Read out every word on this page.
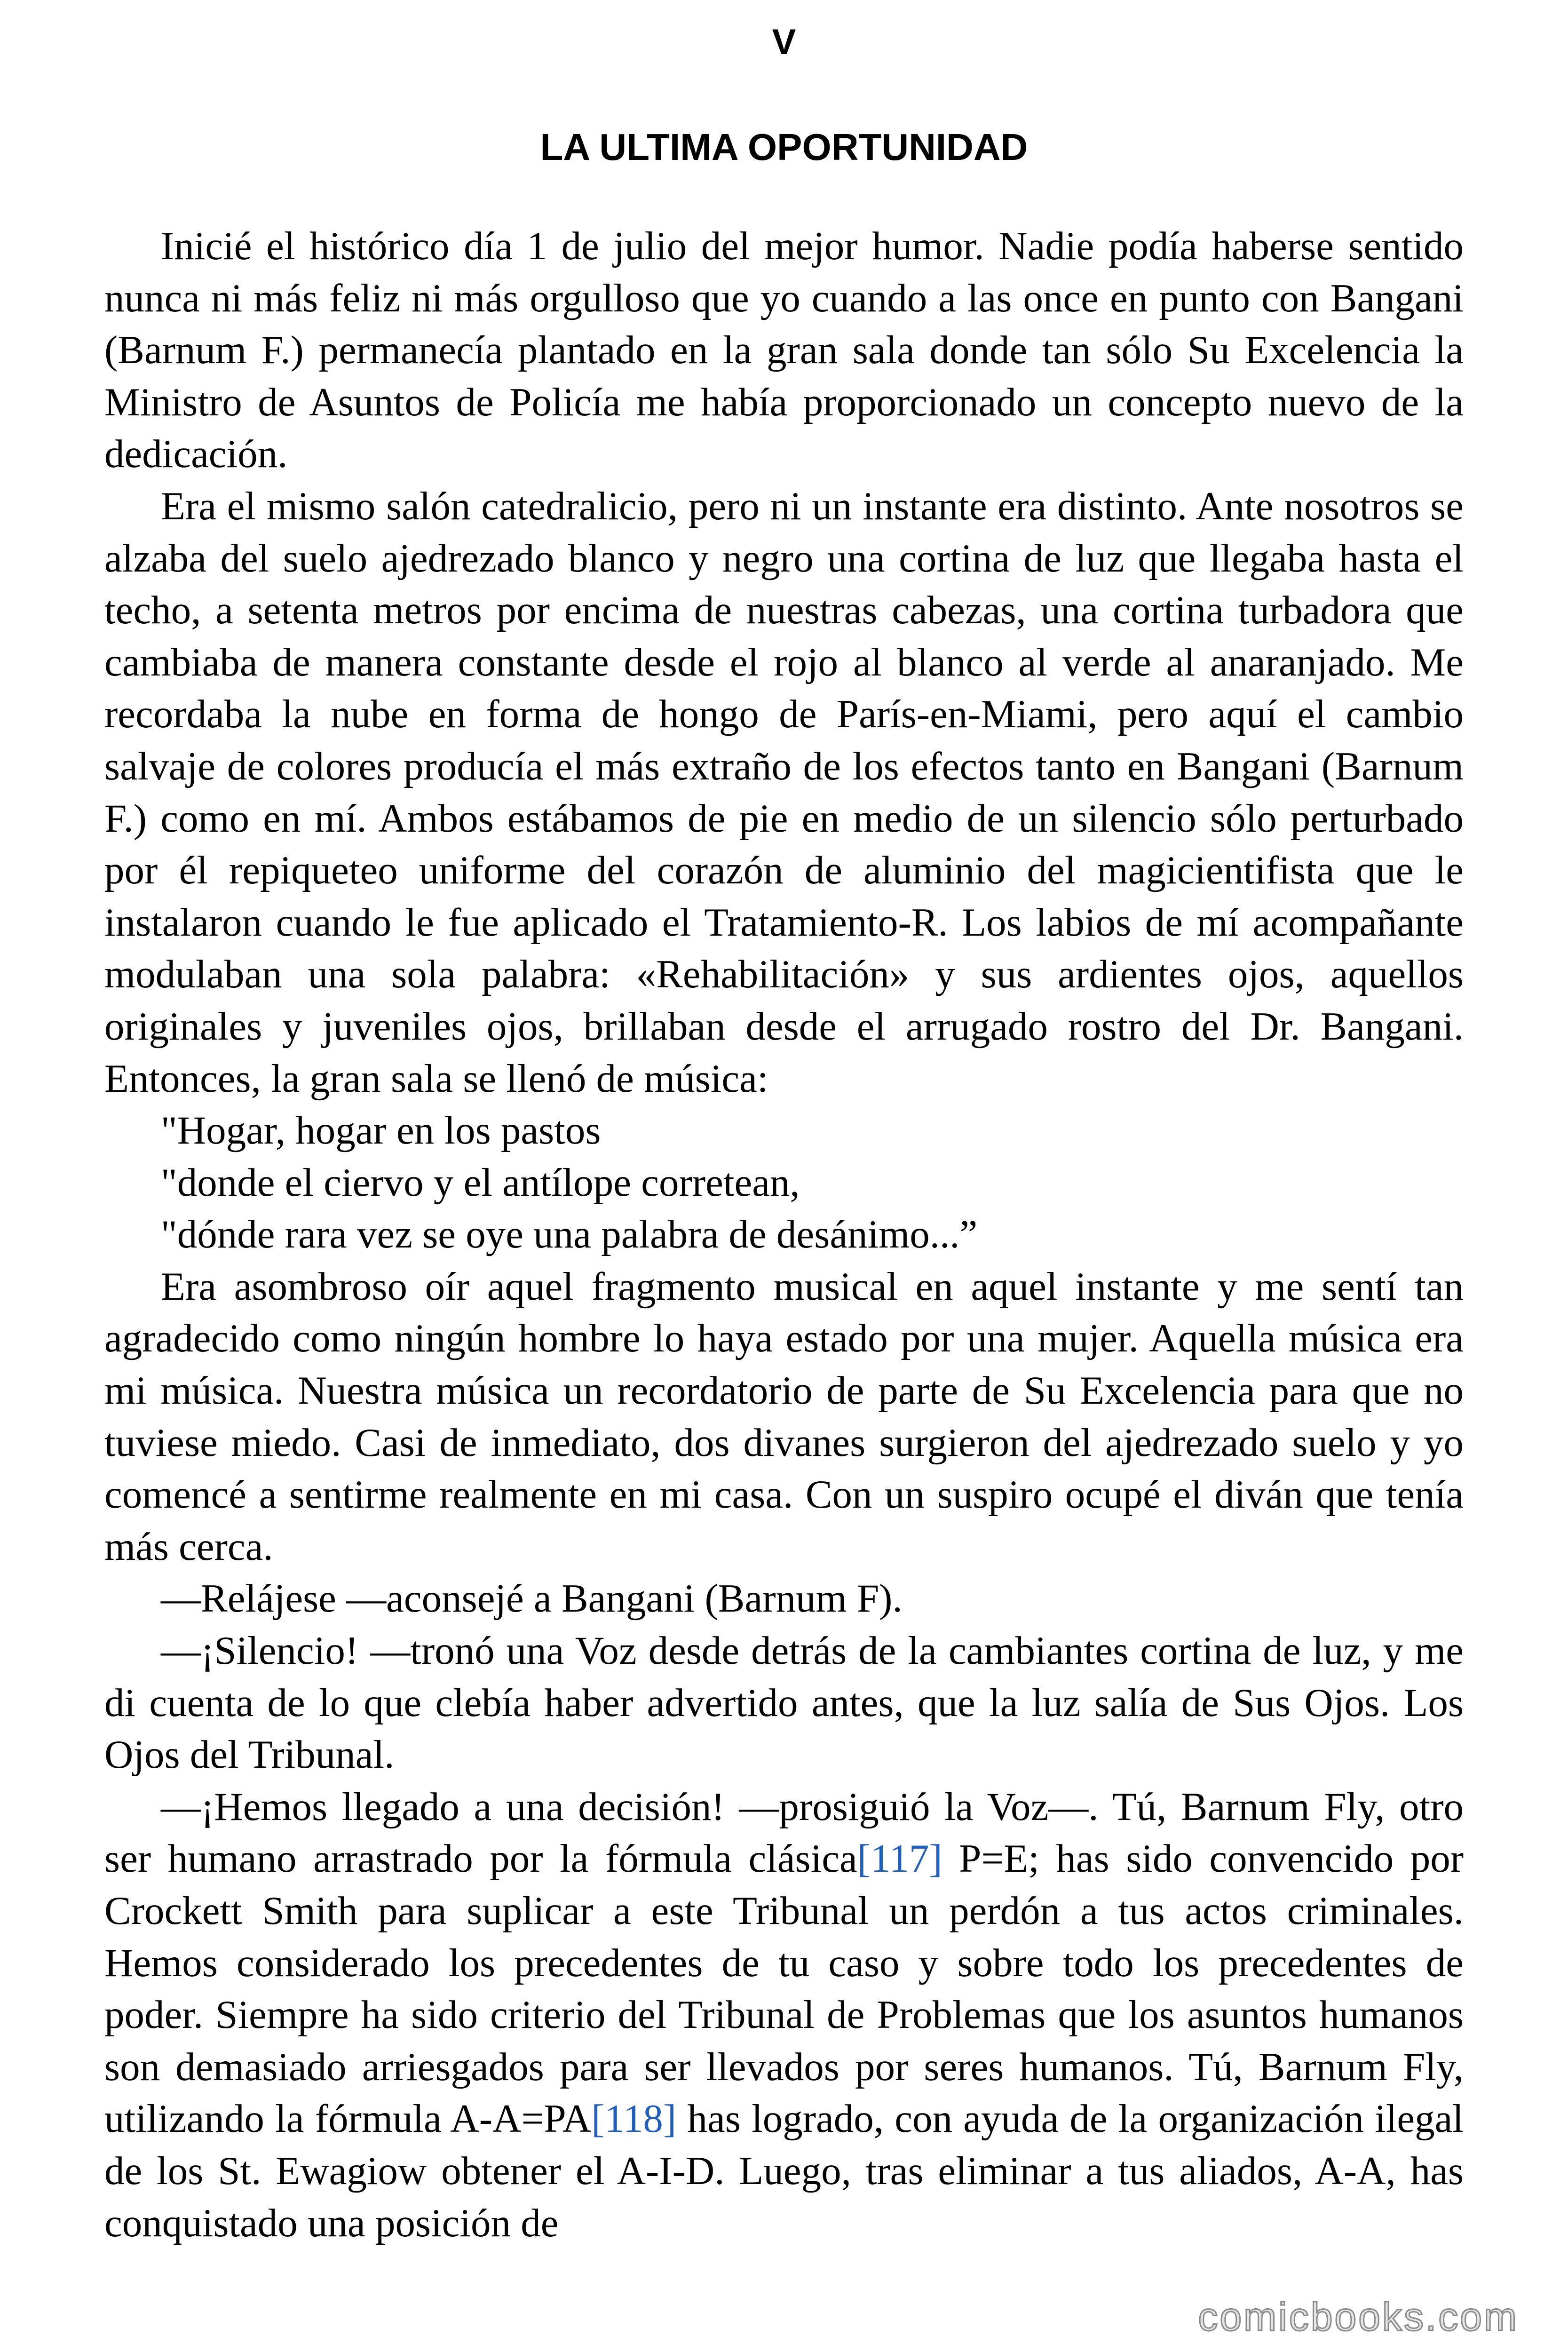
V
LA ULTIMA OPORTUNIDAD

Inicié el histórico día 1 de julio del mejor humor. Nadie podía haberse sentido nunca ni más feliz ni más orgulloso que yo cuando a las once en punto con Bangani (Barnum F.) permanecía plantado en la gran sala donde tan sólo Su Excelencia la Ministro de Asuntos de Policía me había proporcionado un concepto nuevo de la dedicación.

Era el mismo salón catedralicio, pero ni un instante era distinto. Ante nosotros se alzaba del suelo ajedrezado blanco y negro una cortina de luz que llegaba hasta el techo, a setenta metros por encima de nuestras cabezas, una cortina turbadora que cambiaba de manera constante desde el rojo al blanco al verde al anaranjado. Me recordaba la nube en forma de hongo de París-en-Miami, pero aquí el cambio salvaje de colores producía el más extraño de los efectos tanto en Bangani (Barnum F.) como en mí. Ambos estábamos de pie en medio de un silencio sólo perturbado por él repiqueteo uniforme del corazón de aluminio del magicientifista que le instalaron cuando le fue aplicado el Tratamiento-R. Los labios de mí acompañante modulaban una sola palabra: «Rehabilitación» y sus ardientes ojos, aquellos originales y juveniles ojos, brillaban desde el arrugado rostro del Dr. Bangani. Entonces, la gran sala se llenó de música:

"Hogar, hogar en los pastos

"donde el ciervo y el antílope corretean,

"dónde rara vez se oye una palabra de desánimo...”

Era asombroso oír aquel fragmento musical en aquel instante y me sentí tan agradecido como ningún hombre lo haya estado por una mujer. Aquella música era mi música. Nuestra música un recordatorio de parte de Su Excelencia para que no tuviese miedo. Casi de inmediato, dos divanes surgieron del ajedrezado suelo y yo comencé a sentirme realmente en mi casa. Con un suspiro ocupé el diván que tenía más cerca.

—Relájese —aconsejé a Bangani (Barnum F).

—¡Silencio! —tronó una Voz desde detrás de la cambiantes cortina de luz, y me di cuenta de lo que clebía haber advertido antes, que la luz salía de Sus Ojos. Los Ojos del Tribunal.

—¡Hemos llegado a una decisión! —prosiguió la Voz—. Tú, Barnum Fly, otro ser humano arrastrado por la fórmula clásica[117] P=E; has sido convencido por Crockett Smith para suplicar a este Tribunal un perdón a tus actos criminales. Hemos considerado los precedentes de tu caso y sobre todo los precedentes de poder. Siempre ha sido criterio del Tribunal de Problemas que los asuntos humanos son demasiado arriesgados para ser llevados por seres humanos. Tú, Barnum Fly, utilizando la fórmula A-A=PA[118] has logrado, con ayuda de la organización ilegal de los St. Ewagiow obtener el A-I-D. Luego, tras eliminar a tus aliados, A-A, has conquistado una posición de

comicbooks.com
